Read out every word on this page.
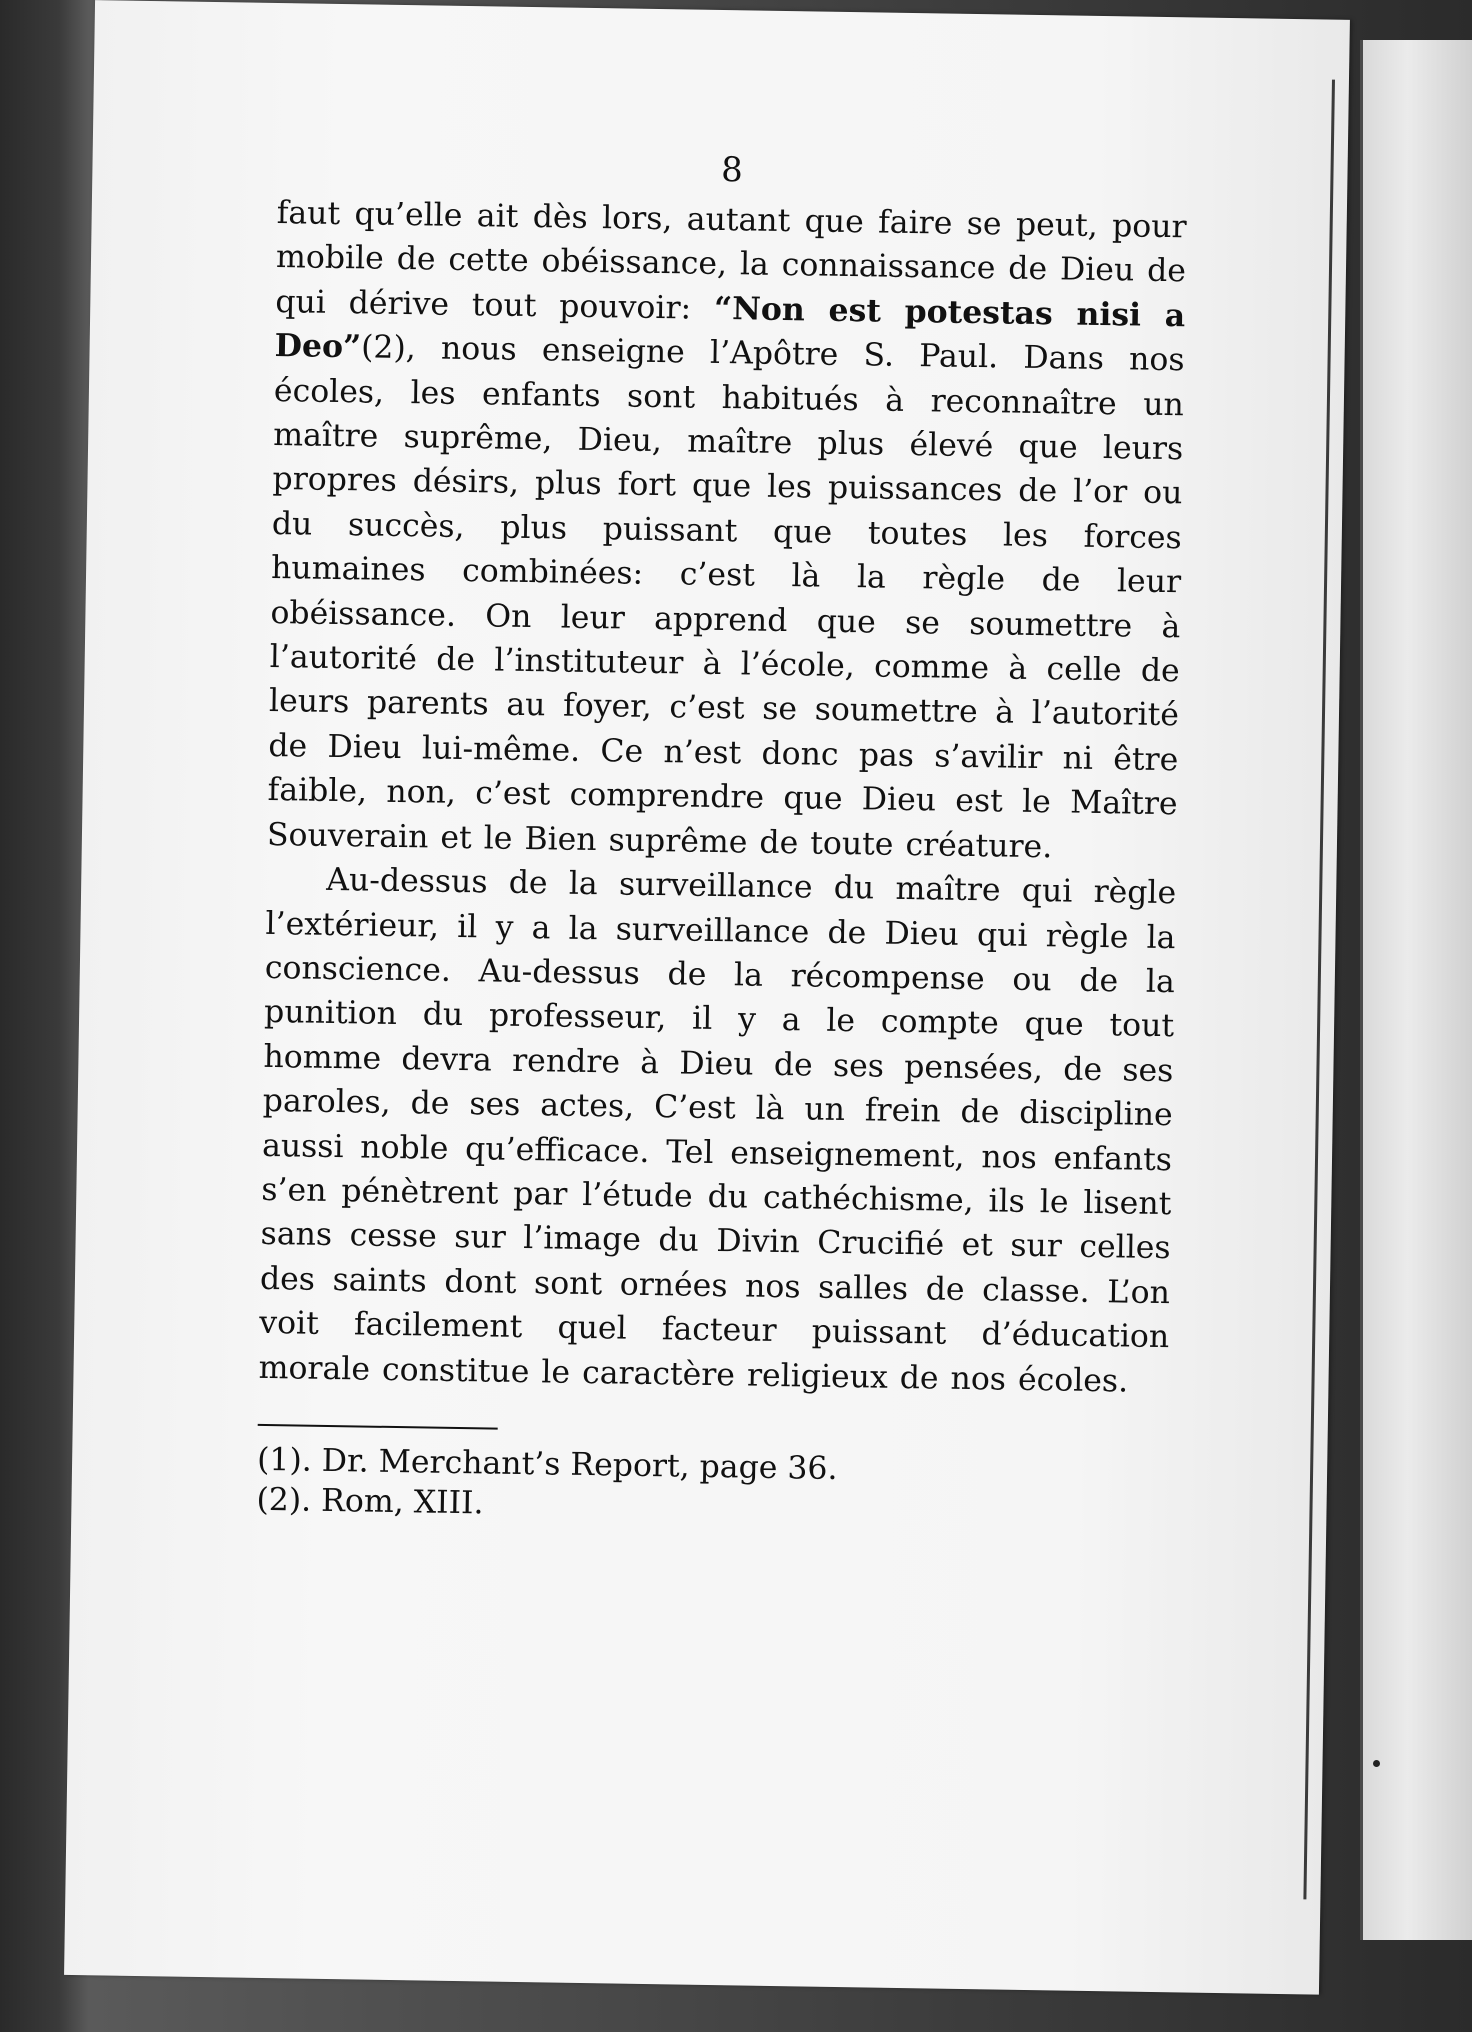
8

faut qu’elle ait dès lors, autant que faire se peut, pour mobile de cette obéissance, la connaissance de Dieu de qui dérive tout pouvoir: “Non est potestas nisi a Deo”(2), nous enseigne l’Apôtre S. Paul. Dans nos écoles, les enfants sont habitués à reconnaître un maître suprême, Dieu, maître plus élevé que leurs propres désirs, plus fort que les puissances de l’or ou du succès, plus puissant que toutes les forces humaines combinées: c’est là la règle de leur obéissance. On leur apprend que se soumettre à l’autorité de l’instituteur à l’école, comme à celle de leurs parents au foyer, c’est se soumettre à l’autorité de Dieu lui-même. Ce n’est donc pas s’avilir ni être faible, non, c’est comprendre que Dieu est le Maître Souverain et le Bien suprême de toute créature.

Au-dessus de la surveillance du maître qui règle l’extérieur, il y a la surveillance de Dieu qui règle la conscience. Au-dessus de la récompense ou de la punition du professeur, il y a le compte que tout homme devra rendre à Dieu de ses pensées, de ses paroles, de ses actes, C’est là un frein de discipline aussi noble qu’efficace. Tel enseignement, nos enfants s’en pénètrent par l’étude du cathéchisme, ils le lisent sans cesse sur l’image du Divin Crucifié et sur celles des saints dont sont ornées nos salles de classe. L’on voit facilement quel facteur puissant d’éducation morale constitue le caractère religieux de nos écoles.

(1). Dr. Merchant’s Report, page 36.

(2). Rom, XIII.
